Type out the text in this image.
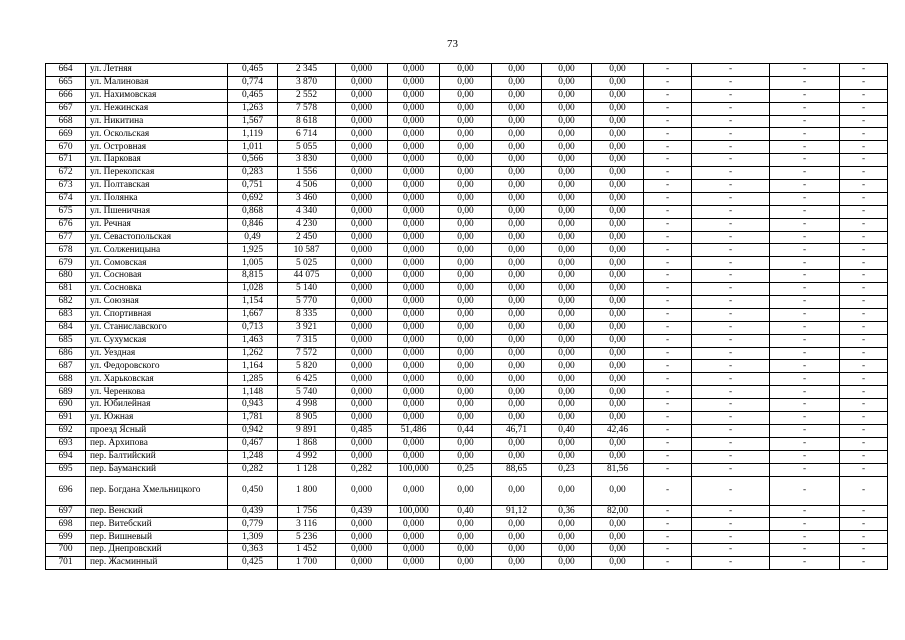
73
664	ул. Летняя	0,465	2 345	0,000	0,000	0,00	0,00	0,00	0,00	-	-	-	-
665	ул. Малиновая	0,774	3 870	0,000	0,000	0,00	0,00	0,00	0,00	-	-	-	-
666	ул. Нахимовская	0,465	2 552	0,000	0,000	0,00	0,00	0,00	0,00	-	-	-	-
667	ул. Нежинская	1,263	7 578	0,000	0,000	0,00	0,00	0,00	0,00	-	-	-	-
668	ул. Никитина	1,567	8 618	0,000	0,000	0,00	0,00	0,00	0,00	-	-	-	-
669	ул. Оскольская	1,119	6 714	0,000	0,000	0,00	0,00	0,00	0,00	-	-	-	-
670	ул. Островная	1,011	5 055	0,000	0,000	0,00	0,00	0,00	0,00	-	-	-	-
671	ул. Парковая	0,566	3 830	0,000	0,000	0,00	0,00	0,00	0,00	-	-	-	-
672	ул. Перекопская	0,283	1 556	0,000	0,000	0,00	0,00	0,00	0,00	-	-	-	-
673	ул. Полтавская	0,751	4 506	0,000	0,000	0,00	0,00	0,00	0,00	-	-	-	-
674	ул. Полянка	0,692	3 460	0,000	0,000	0,00	0,00	0,00	0,00	-	-	-	-
675	ул. Пшеничная	0,868	4 340	0,000	0,000	0,00	0,00	0,00	0,00	-	-	-	-
676	ул. Речная	0,846	4 230	0,000	0,000	0,00	0,00	0,00	0,00	-	-	-	-
677	ул. Севастопольская	0,49	2 450	0,000	0,000	0,00	0,00	0,00	0,00	-	-	-	-
678	ул. Солженицына	1,925	10 587	0,000	0,000	0,00	0,00	0,00	0,00	-	-	-	-
679	ул. Сомовская	1,005	5 025	0,000	0,000	0,00	0,00	0,00	0,00	-	-	-	-
680	ул. Сосновая	8,815	44 075	0,000	0,000	0,00	0,00	0,00	0,00	-	-	-	-
681	ул. Сосновка	1,028	5 140	0,000	0,000	0,00	0,00	0,00	0,00	-	-	-	-
682	ул. Союзная	1,154	5 770	0,000	0,000	0,00	0,00	0,00	0,00	-	-	-	-
683	ул. Спортивная	1,667	8 335	0,000	0,000	0,00	0,00	0,00	0,00	-	-	-	-
684	ул. Станиславского	0,713	3 921	0,000	0,000	0,00	0,00	0,00	0,00	-	-	-	-
685	ул. Сухумская	1,463	7 315	0,000	0,000	0,00	0,00	0,00	0,00	-	-	-	-
686	ул. Уездная	1,262	7 572	0,000	0,000	0,00	0,00	0,00	0,00	-	-	-	-
687	ул. Федоровского	1,164	5 820	0,000	0,000	0,00	0,00	0,00	0,00	-	-	-	-
688	ул. Харьковская	1,285	6 425	0,000	0,000	0,00	0,00	0,00	0,00	-	-	-	-
689	ул. Черенкова	1,148	5 740	0,000	0,000	0,00	0,00	0,00	0,00	-	-	-	-
690	ул. Юбилейная	0,943	4 998	0,000	0,000	0,00	0,00	0,00	0,00	-	-	-	-
691	ул. Южная	1,781	8 905	0,000	0,000	0,00	0,00	0,00	0,00	-	-	-	-
692	проезд Ясный	0,942	9 891	0,485	51,486	0,44	46,71	0,40	42,46	-	-	-	-
693	пер. Архипова	0,467	1 868	0,000	0,000	0,00	0,00	0,00	0,00	-	-	-	-
694	пер. Балтийский	1,248	4 992	0,000	0,000	0,00	0,00	0,00	0,00	-	-	-	-
695	пер. Бауманский	0,282	1 128	0,282	100,000	0,25	88,65	0,23	81,56	-	-	-	-
696	пер. Богдана Хмельницкого	0,450	1 800	0,000	0,000	0,00	0,00	0,00	0,00	-	-	-	-
697	пер. Венский	0,439	1 756	0,439	100,000	0,40	91,12	0,36	82,00	-	-	-	-
698	пер. Витебский	0,779	3 116	0,000	0,000	0,00	0,00	0,00	0,00	-	-	-	-
699	пер. Вишневый	1,309	5 236	0,000	0,000	0,00	0,00	0,00	0,00	-	-	-	-
700	пер. Днепровский	0,363	1 452	0,000	0,000	0,00	0,00	0,00	0,00	-	-	-	-
701	пер. Жасминный	0,425	1 700	0,000	0,000	0,00	0,00	0,00	0,00	-	-	-	-
